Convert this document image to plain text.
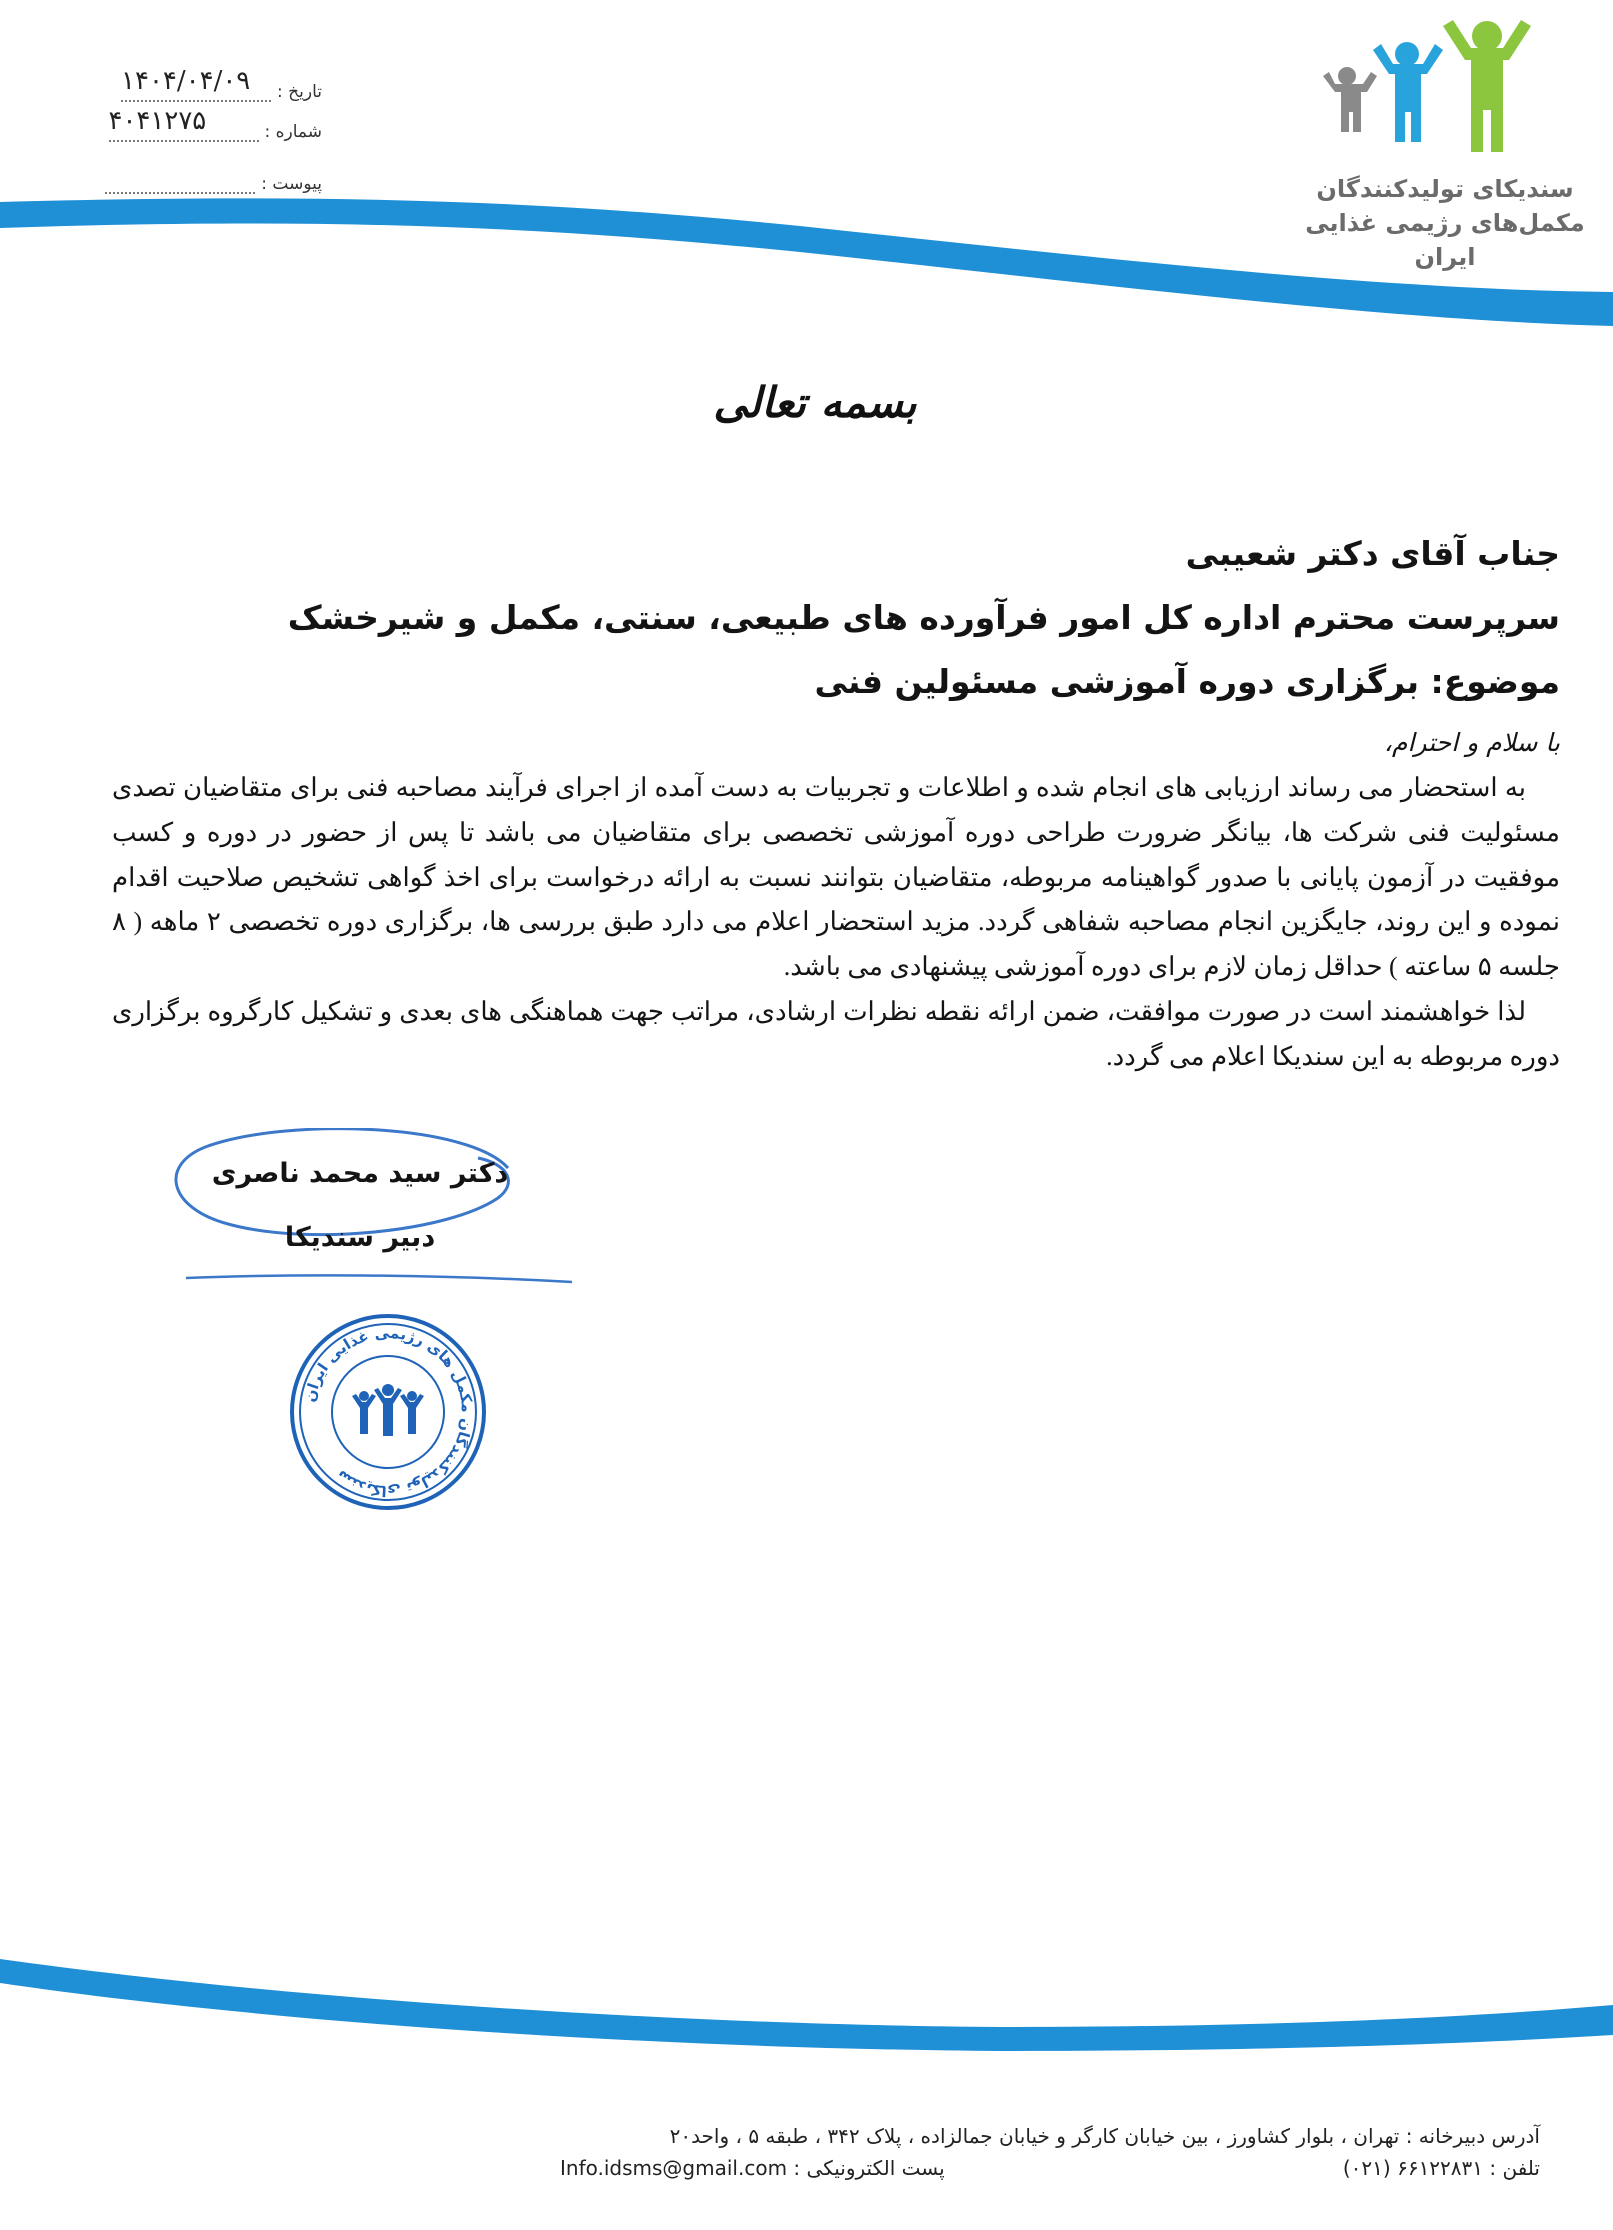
تاریخ :
۱۴۰۴/۰۴/۰۹
شماره :
۴۰۴۱۲۷۵
پیوست :	سندیکای تولیدکنندگان
مکمل‌های رژیمی غذایی
ایران
بسمه تعالی
جناب آقای دکتر شعیبی
سرپرست محترم اداره کل امور فرآورده های طبیعی، سنتی، مکمل و شیرخشک
موضوع: برگزاری دوره آموزشی مسئولین فنی
با سلام و احترام،

به استحضار می رساند ارزیابی های انجام شده و اطلاعات و تجربیات به دست آمده از اجرای فرآیند مصاحبه فنی برای متقاضیان تصدی مسئولیت فنی شرکت ها، بیانگر ضرورت طراحی دوره آموزشی تخصصی برای متقاضیان می باشد تا پس از حضور در دوره و کسب موفقیت در آزمون پایانی با صدور گواهینامه مربوطه، متقاضیان بتوانند نسبت به ارائه درخواست برای اخذ گواهی تشخیص صلاحیت اقدام نموده و این روند، جایگزین انجام مصاحبه شفاهی گردد. مزید استحضار اعلام می دارد طبق بررسی ها، برگزاری دوره تخصصی ۲ ماهه ( ۸ جلسه ۵ ساعته ) حداقل زمان لازم برای دوره آموزشی پیشنهادی می باشد.

لذا خواهشمند است در صورت موافقت، ضمن ارائه نقطه نظرات ارشادی، مراتب جهت هماهنگی های بعدی و تشکیل کارگروه برگزاری دوره مربوطه به این سندیکا اعلام می گردد.

دکتر سید محمد ناصری
دبیر سندیکا
سندیکای تولیدکنندگان مکمل های رژیمی غذایی ایران
آدرس دبیرخانه : تهران ، بلوار کشاورز ، بین خیابان کارگر و خیابان جمالزاده ، پلاک ۳۴۲ ، طبقه ۵ ، واحد۲۰
تلفن : ۶۶۱۲۲۸۳۱ (۰۲۱)
پست الکترونیکی : Info.idsms@gmail.com
